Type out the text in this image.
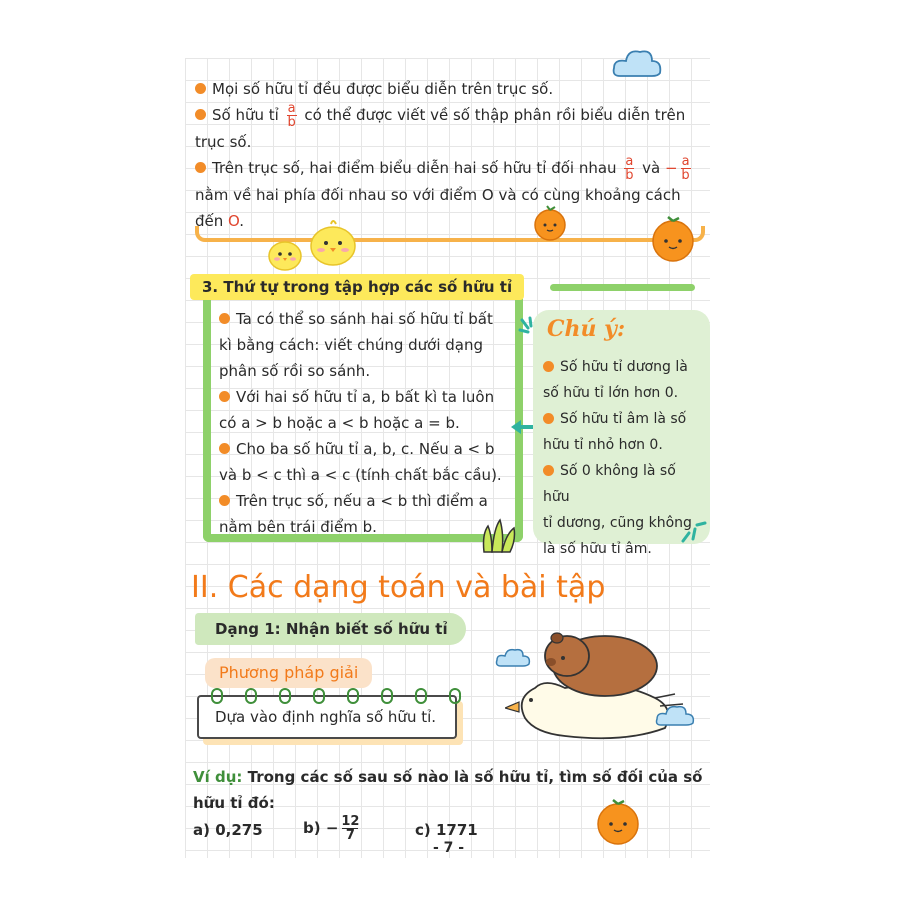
Mọi số hữu tỉ đều được biểu diễn trên trục số.
Số hữu tỉ $\frac{a}{b}$ có thể được viết về số thập phân rồi biểu diễn trên
trục số.
Trên trục số, hai điểm biểu diễn hai số hữu tỉ đối nhau $\frac{a}{b}$ và − $\frac{a}{b}$
nằm về hai phía đối nhau so với điểm O và có cùng khoảng cách
đến O.
Ta có thể so sánh hai số hữu tỉ bất
kì bằng cách: viết chúng dưới dạng
phân số rồi so sánh.
Với hai số hữu tỉ a, b bất kì ta luôn
có a > b hoặc a < b hoặc a = b.
Cho ba số hữu tỉ a, b, c. Nếu a < b
và b < c thì a < c (tính chất bắc cầu).
Trên trục số, nếu a < b thì điểm a
nằm bên trái điểm b.
3. Thứ tự trong tập hợp các số hữu tỉ
Chú ý:
Số hữu tỉ dương là
số hữu tỉ lớn hơn 0.
Số hữu tỉ âm là số
hữu tỉ nhỏ hơn 0.
Số 0 không là số hữu
tỉ dương, cũng không
là số hữu tỉ âm.
II. Các dạng toán và bài tập
Dạng 1: Nhận biết số hữu tỉ
Phương pháp giải
Dựa vào định nghĩa số hữu tỉ.
Ví dụ: Trong các số sau số nào là số hữu tỉ, tìm số đối của số
hữu tỉ đó:
a) 0,275	$b) - \frac{12}{7}$	c) 1771
- 7 -
